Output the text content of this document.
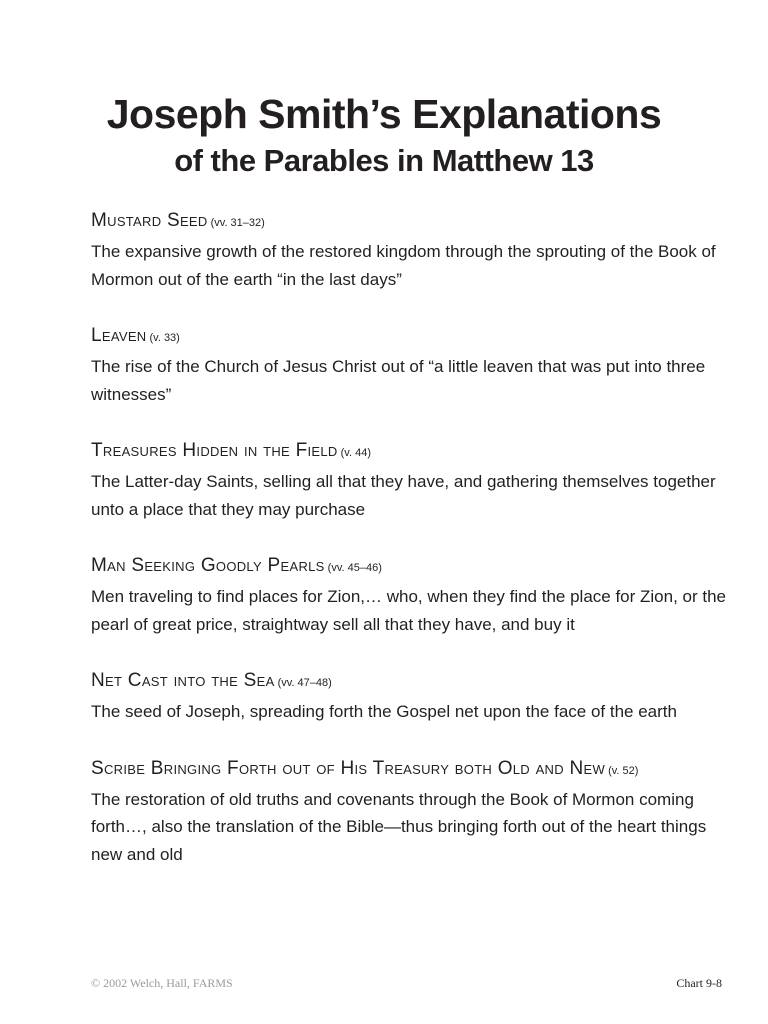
Joseph Smith’s Explanations
of the Parables in Matthew 13
Mustard Seed (vv. 31–32)
The expansive growth of the restored kingdom through the sprouting of the Book of Mormon out of the earth “in the last days”
Leaven (v. 33)
The rise of the Church of Jesus Christ out of “a little leaven that was put into three witnesses”
Treasures Hidden in the Field (v. 44)
The Latter-day Saints, selling all that they have, and gathering themselves together unto a place that they may purchase
Man Seeking Goodly Pearls (vv. 45–46)
Men traveling to find places for Zion,… who, when they find the place for Zion, or the pearl of great price, straightway sell all that they have, and buy it
Net Cast into the Sea (vv. 47–48)
The seed of Joseph, spreading forth the Gospel net upon the face of the earth
Scribe Bringing Forth out of His Treasury both Old and New (v. 52)
The restoration of old truths and covenants through the Book of Mormon coming forth…, also the translation of the Bible—thus bringing forth out of the heart things new and old
© 2002 Welch, Hall, FARMS	Chart 9-8
